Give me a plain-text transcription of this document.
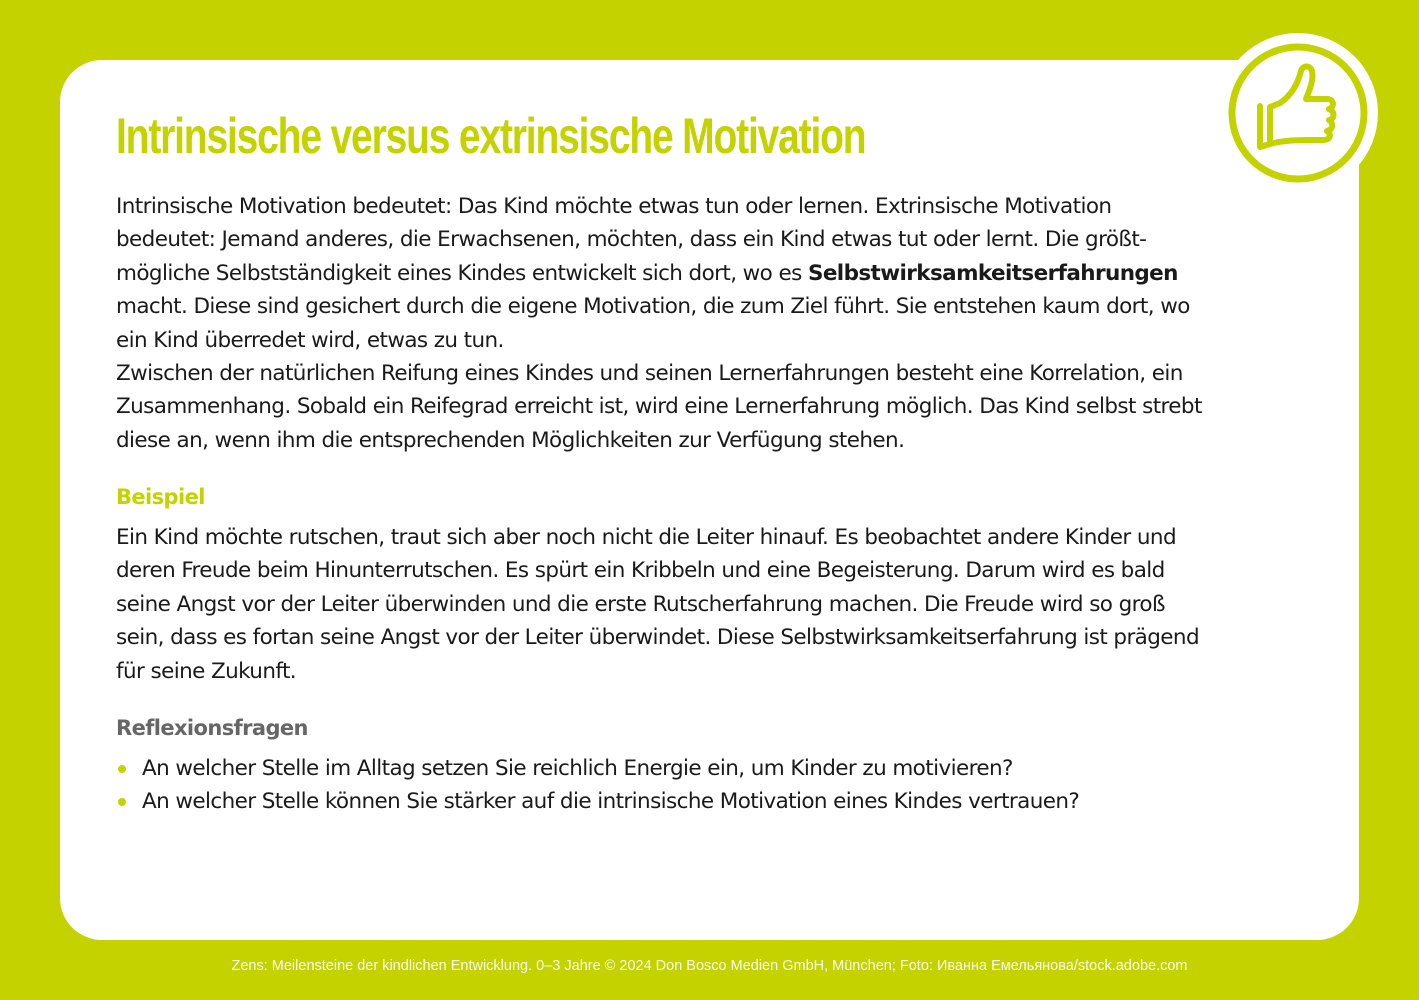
Intrinsische versus extrinsische Motivation
Intrinsische Motivation bedeutet: Das Kind möchte etwas tun oder lernen. Extrinsische Motivation
bedeutet: Jemand anderes, die Erwachsenen, möchten, dass ein Kind etwas tut oder lernt. Die größt-
mögliche Selbstständigkeit eines Kindes entwickelt sich dort, wo es Selbstwirksamkeitserfahrungen
macht. Diese sind gesichert durch die eigene Motivation, die zum Ziel führt. Sie entstehen kaum dort, wo
ein Kind überredet wird, etwas zu tun.
Zwischen der natürlichen Reifung eines Kindes und seinen Lernerfahrungen besteht eine Korrelation, ein
Zusammenhang. Sobald ein Reifegrad erreicht ist, wird eine Lernerfahrung möglich. Das Kind selbst strebt
diese an, wenn ihm die entsprechenden Möglichkeiten zur Verfügung stehen.
Beispiel
Ein Kind möchte rutschen, traut sich aber noch nicht die Leiter hinauf. Es beobachtet andere Kinder und
deren Freude beim Hinunterrutschen. Es spürt ein Kribbeln und eine Begeisterung. Darum wird es bald
seine Angst vor der Leiter überwinden und die erste Rutscherfahrung machen. Die Freude wird so groß
sein, dass es fortan seine Angst vor der Leiter überwindet. Diese Selbstwirksamkeitserfahrung ist prägend
für seine Zukunft.
Reflexionsfragen
An welcher Stelle im Alltag setzen Sie reichlich Energie ein, um Kinder zu motivieren?
An welcher Stelle können Sie stärker auf die intrinsische Motivation eines Kindes vertrauen?
Zens: Meilensteine der kindlichen Entwicklung. 0–3 Jahre © 2024 Don Bosco Medien GmbH, München; Foto: Иванна Емельянова/stock.adobe.com
